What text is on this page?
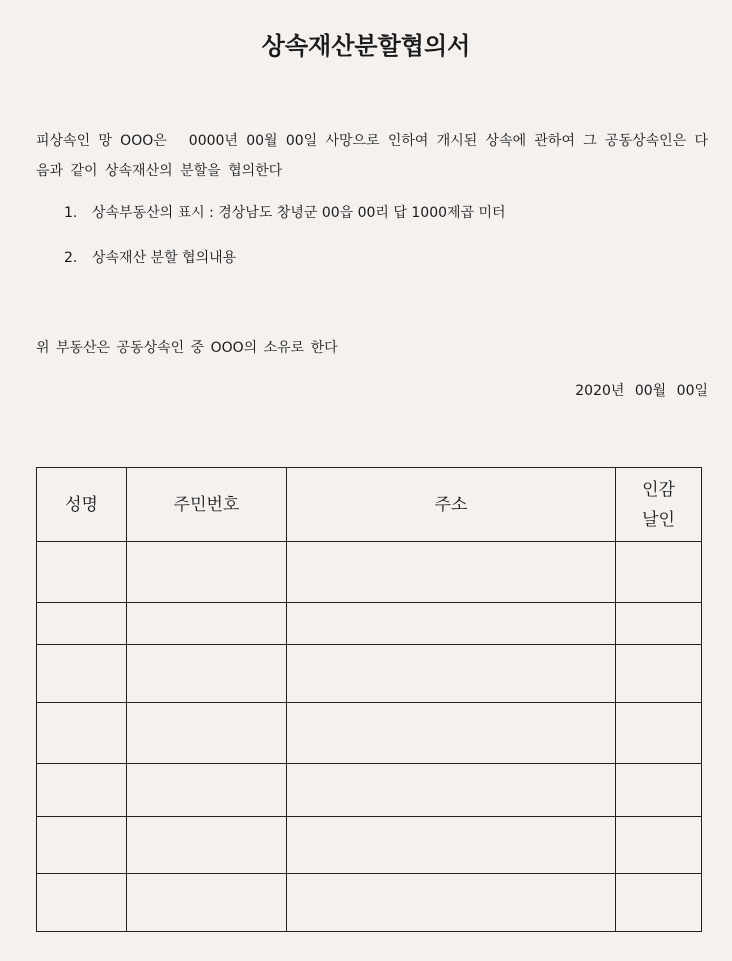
상속재산분할협의서
피상속인 망 OOO은 0000년 00월 00일 사망으로 인하여 개시된 상속에 관하여 그 공동상속인은 다음과 같이 상속재산의 분할을 협의한다
1. 상속부동산의 표시 : 경상남도 창녕군 00읍 00리 답 1000제곱 미터
2. 상속재산 분할 협의내용
위 부동산은 공동상속인 중 OOO의 소유로 한다
2020년 00월 00일
성명	주민번호	주소	인감
날인
